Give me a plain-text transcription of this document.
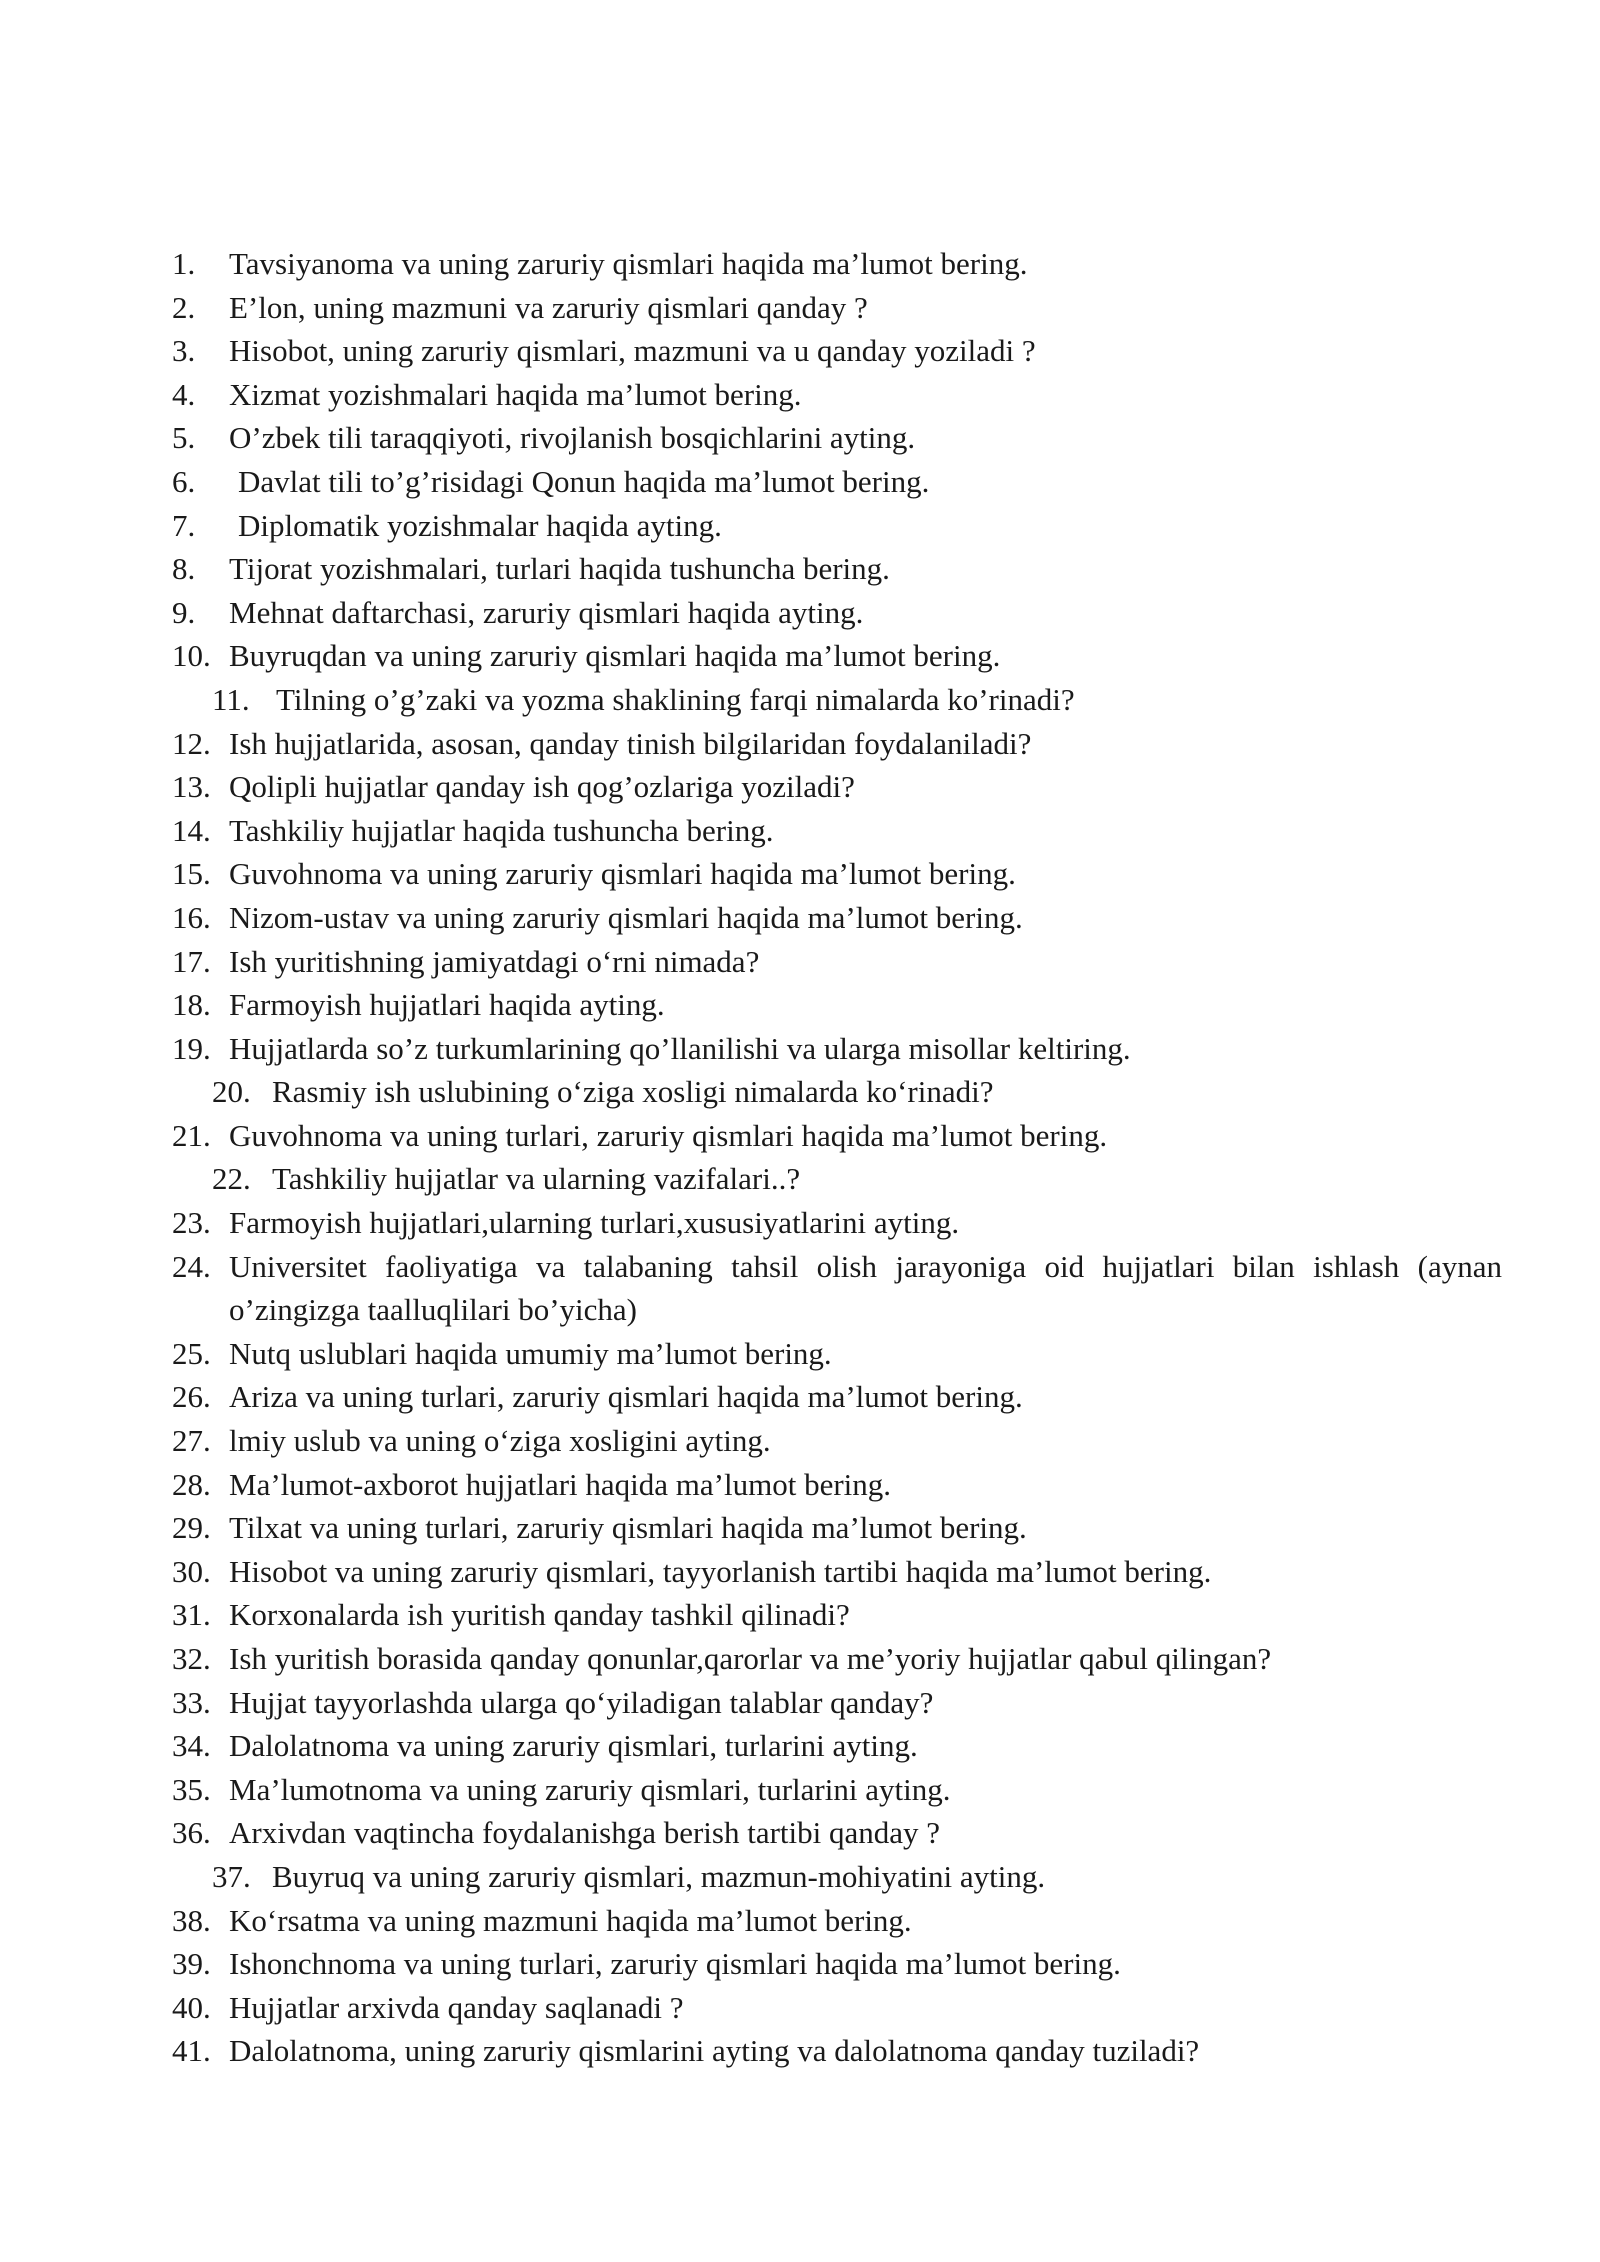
1.	Tavsiyanoma va uning zaruriy qismlari haqida ma’lumot bering.
2.	E’lon, uning mazmuni va zaruriy qismlari qanday ?
3.	Hisobot, uning zaruriy qismlari, mazmuni va u qanday yoziladi ?
4.	Xizmat yozishmalari haqida ma’lumot bering.
5.	O’zbek tili taraqqiyoti, rivojlanish bosqichlarini ayting.
6.	Davlat tili to’g’risidagi Qonun haqida ma’lumot bering.
7.	Diplomatik yozishmalar haqida ayting.
8.	Tijorat yozishmalari, turlari haqida tushuncha bering.
9.	Mehnat daftarchasi, zaruriy qismlari haqida ayting.
10. Buyruqdan va uning zaruriy qismlari haqida ma’lumot bering.
11. Tilning o’g’zaki va yozma shaklining farqi nimalarda ko’rinadi?
12. Ish hujjatlarida, asosan, qanday tinish bilgilaridan foydalaniladi?
13. Qolipli hujjatlar qanday ish qog’ozlariga yoziladi?
14. Tashkiliy hujjatlar haqida tushuncha bering.
15. Guvohnoma va uning zaruriy qismlari haqida ma’lumot bering.
16. Nizom-ustav va uning zaruriy qismlari haqida ma’lumot bering.
17. Ish yuritishning jamiyatdagi o‘rni nimada?
18. Farmoyish hujjatlari haqida ayting.
19. Hujjatlarda so’z turkumlarining qo’llanilishi va ularga misollar keltiring.
20. Rasmiy ish uslubining o‘ziga xosligi nimalarda ko‘rinadi?
21. Guvohnoma va uning turlari, zaruriy qismlari haqida ma’lumot bering.
22. Tashkiliy hujjatlar va ularning vazifalari..?
23. Farmoyish hujjatlari,ularning turlari,xususiyatlarini ayting.
24. Universitet faoliyatiga va talabaning tahsil olish jarayoniga oid hujjatlari bilan ishlash (aynan o’zingizga taalluqlilari bo’yicha)
25. Nutq uslublari haqida umumiy ma’lumot bering.
26. Ariza va uning turlari, zaruriy qismlari haqida ma’lumot bering.
27. lmiy uslub va uning o‘ziga xosligini ayting.
28. Ma’lumot-axborot hujjatlari haqida ma’lumot bering.
29. Tilxat va uning turlari, zaruriy qismlari haqida ma’lumot bering.
30. Hisobot va uning zaruriy qismlari, tayyorlanish tartibi haqida ma’lumot bering.
31. Korxonalarda ish yuritish qanday tashkil qilinadi?
32. Ish yuritish borasida qanday qonunlar,qarorlar va me’yoriy hujjatlar qabul qilingan?
33. Hujjat tayyorlashda ularga qo‘yiladigan talablar qanday?
34. Dalolatnoma va uning zaruriy qismlari, turlarini ayting.
35. Ma’lumotnoma va uning zaruriy qismlari, turlarini ayting.
36. Arxivdan vaqtincha foydalanishga berish tartibi qanday ?
37. Buyruq va uning zaruriy qismlari, mazmun-mohiyatini ayting.
38. Ko‘rsatma va uning mazmuni haqida ma’lumot bering.
39. Ishonchnoma va uning turlari, zaruriy qismlari haqida ma’lumot bering.
40. Hujjatlar arxivda qanday saqlanadi ?
41. Dalolatnoma, uning zaruriy qismlarini ayting va dalolatnoma qanday tuziladi?
